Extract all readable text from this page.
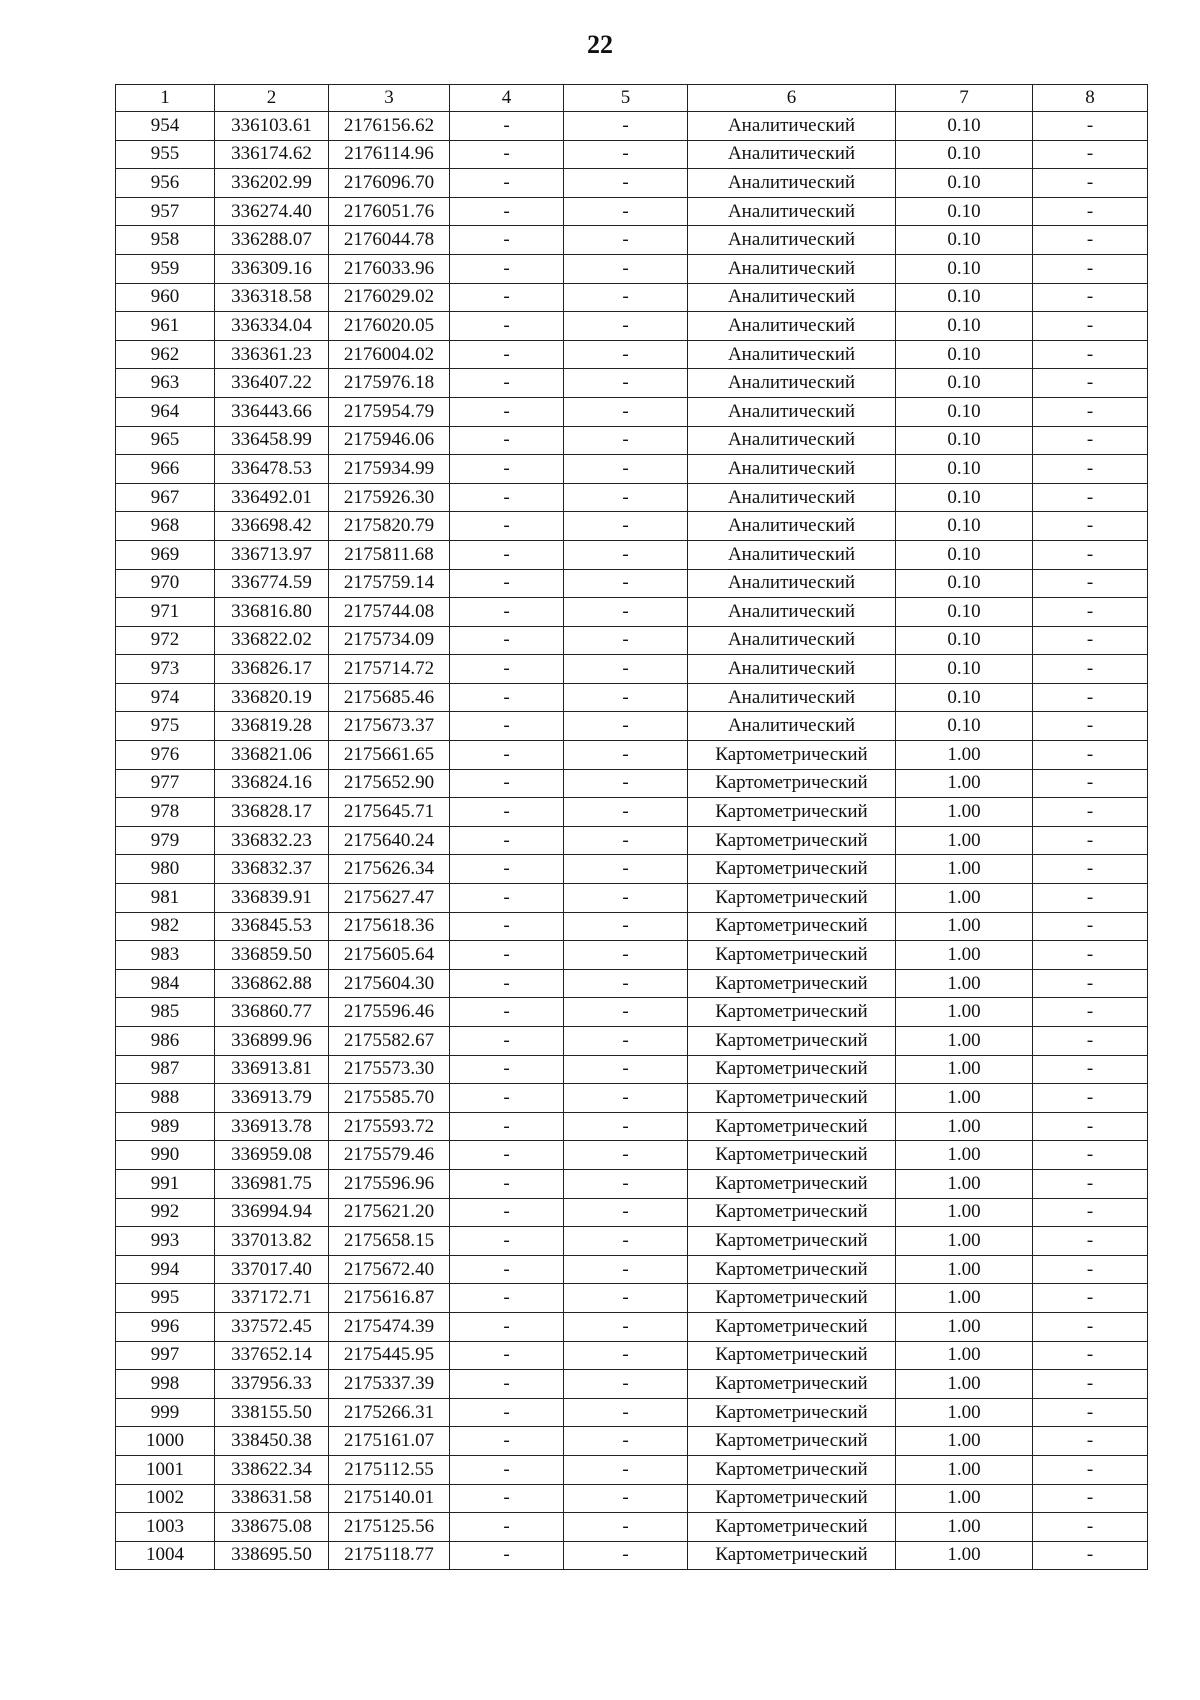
22
1	2	3	4	5	6	7	8
954	336103.61	2176156.62	-	-	Аналитический	0.10	-
955	336174.62	2176114.96	-	-	Аналитический	0.10	-
956	336202.99	2176096.70	-	-	Аналитический	0.10	-
957	336274.40	2176051.76	-	-	Аналитический	0.10	-
958	336288.07	2176044.78	-	-	Аналитический	0.10	-
959	336309.16	2176033.96	-	-	Аналитический	0.10	-
960	336318.58	2176029.02	-	-	Аналитический	0.10	-
961	336334.04	2176020.05	-	-	Аналитический	0.10	-
962	336361.23	2176004.02	-	-	Аналитический	0.10	-
963	336407.22	2175976.18	-	-	Аналитический	0.10	-
964	336443.66	2175954.79	-	-	Аналитический	0.10	-
965	336458.99	2175946.06	-	-	Аналитический	0.10	-
966	336478.53	2175934.99	-	-	Аналитический	0.10	-
967	336492.01	2175926.30	-	-	Аналитический	0.10	-
968	336698.42	2175820.79	-	-	Аналитический	0.10	-
969	336713.97	2175811.68	-	-	Аналитический	0.10	-
970	336774.59	2175759.14	-	-	Аналитический	0.10	-
971	336816.80	2175744.08	-	-	Аналитический	0.10	-
972	336822.02	2175734.09	-	-	Аналитический	0.10	-
973	336826.17	2175714.72	-	-	Аналитический	0.10	-
974	336820.19	2175685.46	-	-	Аналитический	0.10	-
975	336819.28	2175673.37	-	-	Аналитический	0.10	-
976	336821.06	2175661.65	-	-	Картометрический	1.00	-
977	336824.16	2175652.90	-	-	Картометрический	1.00	-
978	336828.17	2175645.71	-	-	Картометрический	1.00	-
979	336832.23	2175640.24	-	-	Картометрический	1.00	-
980	336832.37	2175626.34	-	-	Картометрический	1.00	-
981	336839.91	2175627.47	-	-	Картометрический	1.00	-
982	336845.53	2175618.36	-	-	Картометрический	1.00	-
983	336859.50	2175605.64	-	-	Картометрический	1.00	-
984	336862.88	2175604.30	-	-	Картометрический	1.00	-
985	336860.77	2175596.46	-	-	Картометрический	1.00	-
986	336899.96	2175582.67	-	-	Картометрический	1.00	-
987	336913.81	2175573.30	-	-	Картометрический	1.00	-
988	336913.79	2175585.70	-	-	Картометрический	1.00	-
989	336913.78	2175593.72	-	-	Картометрический	1.00	-
990	336959.08	2175579.46	-	-	Картометрический	1.00	-
991	336981.75	2175596.96	-	-	Картометрический	1.00	-
992	336994.94	2175621.20	-	-	Картометрический	1.00	-
993	337013.82	2175658.15	-	-	Картометрический	1.00	-
994	337017.40	2175672.40	-	-	Картометрический	1.00	-
995	337172.71	2175616.87	-	-	Картометрический	1.00	-
996	337572.45	2175474.39	-	-	Картометрический	1.00	-
997	337652.14	2175445.95	-	-	Картометрический	1.00	-
998	337956.33	2175337.39	-	-	Картометрический	1.00	-
999	338155.50	2175266.31	-	-	Картометрический	1.00	-
1000	338450.38	2175161.07	-	-	Картометрический	1.00	-
1001	338622.34	2175112.55	-	-	Картометрический	1.00	-
1002	338631.58	2175140.01	-	-	Картометрический	1.00	-
1003	338675.08	2175125.56	-	-	Картометрический	1.00	-
1004	338695.50	2175118.77	-	-	Картометрический	1.00	-
